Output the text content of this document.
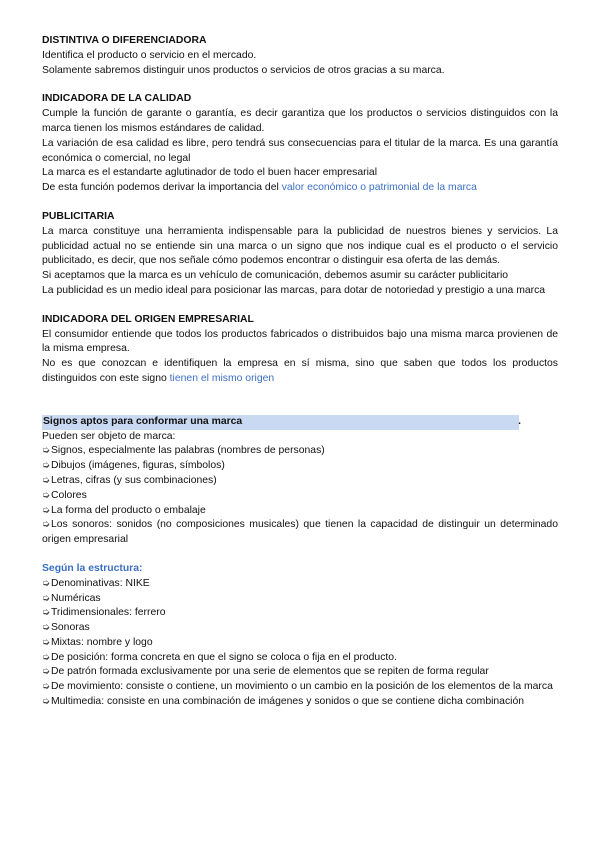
DISTINTIVA O DIFERENCIADORA

Identifica el producto o servicio en el mercado.

Solamente sabremos distinguir unos productos o servicios de otros gracias a su marca.

INDICADORA DE LA CALIDAD

Cumple la función de garante o garantía, es decir garantiza que los productos o servicios distinguidos con la marca tienen los mismos estándares de calidad.

La variación de esa calidad es libre, pero tendrá sus consecuencias para el titular de la marca. Es una garantía económica o comercial, no legal

La marca es el estandarte aglutinador de todo el buen hacer empresarial

De esta función podemos derivar la importancia del valor económico o patrimonial de la marca

PUBLICITARIA

La marca constituye una herramienta indispensable para la publicidad de nuestros bienes y servicios. La publicidad actual no se entiende sin una marca o un signo que nos indique cual es el producto o el servicio publicitado, es decir, que nos señale cómo podemos encontrar o distinguir esa oferta de las demás.

Si aceptamos que la marca es un vehículo de comunicación, debemos asumir su carácter publicitario

La publicidad es un medio ideal para posicionar las marcas, para dotar de notoriedad y prestigio a una marca

INDICADORA DEL ORIGEN EMPRESARIAL

El consumidor entiende que todos los productos fabricados o distribuidos bajo una misma marca provienen de la misma empresa.

No es que conozcan e identifiquen la empresa en sí misma, sino que saben que todos los productos distinguidos con este signo tienen el mismo origen

Signos aptos para conformar una marca	.

Pueden ser objeto de marca:

➭Signos, especialmente las palabras (nombres de personas)

➭Dibujos (imágenes, figuras, símbolos)

➭Letras, cifras (y sus combinaciones)

➭Colores

➭La forma del producto o embalaje

➭Los sonoros: sonidos (no composiciones musicales) que tienen la capacidad de distinguir un determinado origen empresarial

Según la estructura:

➭Denominativas: NIKE

➭Numéricas

➭Tridimensionales: ferrero

➭Sonoras

➭Mixtas: nombre y logo

➭De posición: forma concreta en que el signo se coloca o fija en el producto.

➭De patrón formada exclusivamente por una serie de elementos que se repiten de forma regular

➭De movimiento: consiste o contiene, un movimiento o un cambio en la posición de los elementos de la marca

➭Multimedia: consiste en una combinación de imágenes y sonidos o que se contiene dicha combinación
